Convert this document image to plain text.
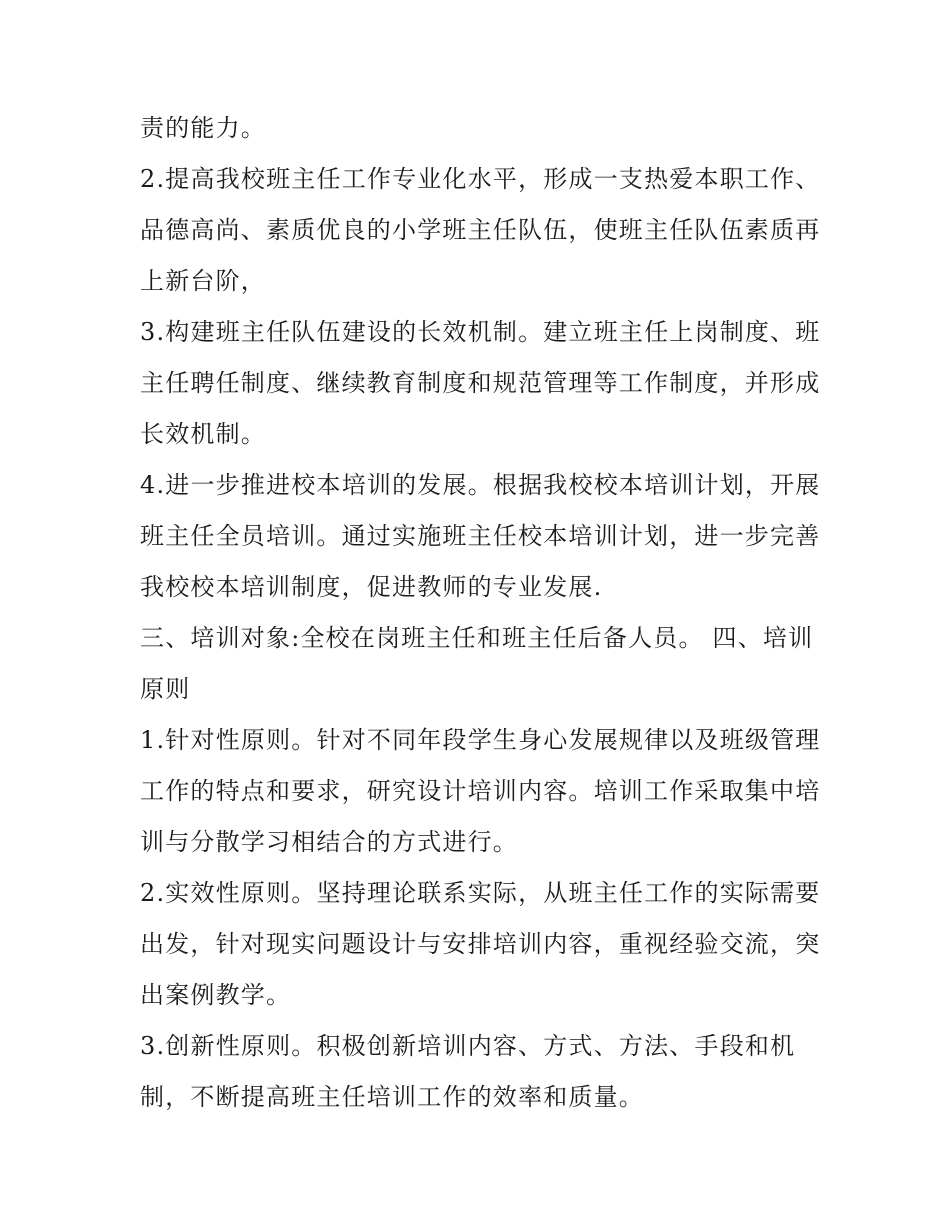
责的能力。
2.提高我校班主任工作专业化水平，形成一支热爱本职工作、
品德高尚、素质优良的小学班主任队伍，使班主任队伍素质再
上新台阶，
3.构建班主任队伍建设的长效机制。建立班主任上岗制度、班
主任聘任制度、继续教育制度和规范管理等工作制度，并形成
长效机制。
4.进一步推进校本培训的发展。根据我校校本培训计划，开展
班主任全员培训。通过实施班主任校本培训计划，进一步完善
我校校本培训制度，促进教师的专业发展.
三、培训对象:全校在岗班主任和班主任后备人员。 四、培训
原则
1.针对性原则。针对不同年段学生身心发展规律以及班级管理
工作的特点和要求，研究设计培训内容。培训工作采取集中培
训与分散学习相结合的方式进行。
2.实效性原则。坚持理论联系实际，从班主任工作的实际需要
出发，针对现实问题设计与安排培训内容，重视经验交流，突
出案例教学。
3.创新性原则。积极创新培训内容、方式、方法、手段和机
制，不断提高班主任培训工作的效率和质量。
